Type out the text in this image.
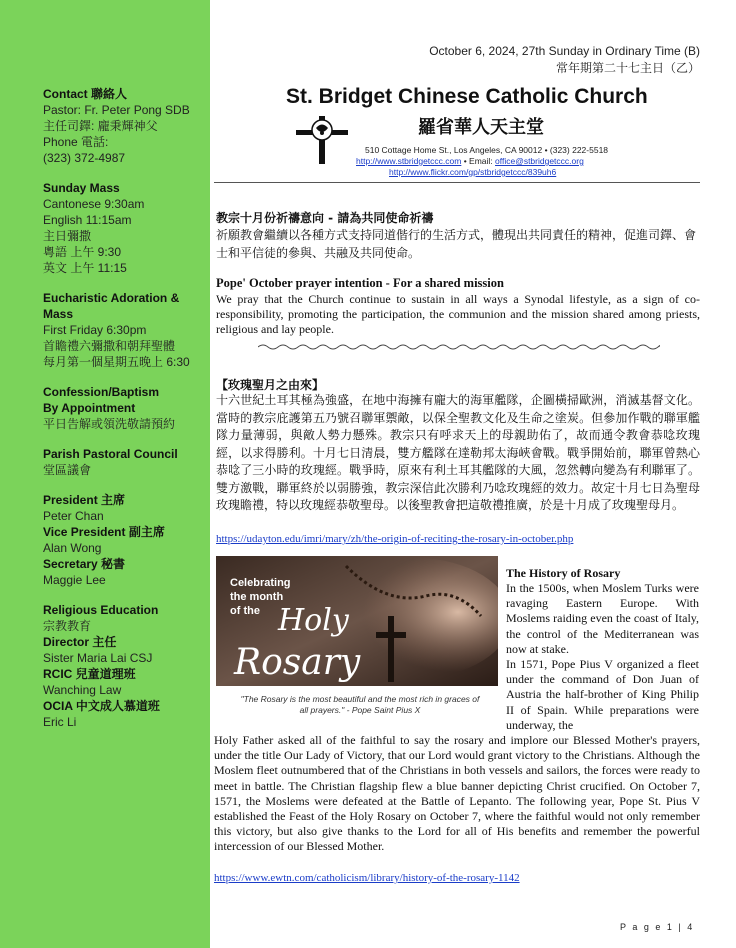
Contact 聯絡人
Pastor: Fr. Peter Pong SDB
主任司鐸: 龐秉輝神父
Phone 電話:
(323) 372-4987
Sunday Mass
Cantonese 9:30am
English 11:15am
主日彌撒
粵語 上午 9:30
英文 上午 11:15
Eucharistic Adoration &
Mass
First Friday 6:30pm
首瞻禮六彌撒和朝拜聖體
每月第一個星期五晚上 6:30
Confession/Baptism
By Appointment
平日告解或領洗敬請預約
Parish Pastoral Council
堂區議會
President 主席
Peter Chan
Vice President 副主席
Alan Wong
Secretary 秘書
Maggie Lee
Religious Education
宗教教育
Director 主任
Sister Maria Lai CSJ
RCIC 兒童道理班
Wanching Law
OCIA 中文成人慕道班
Eric Li
October 6, 2024, 27th Sunday in Ordinary Time (B)
常年期第二十七主日（乙）
St. Bridget Chinese Catholic Church
羅省華人天主堂
510 Cottage Home St., Los Angeles, CA 90012 • (323) 222-5518
http://www.stbridgetccc.com • Email: office@stbridgetccc.org
http://www.flickr.com/gp/stbridgetccc/839uh6
教宗十月份祈禱意向 - 請為共同使命祈禱
祈願教會繼續以各種方式支持同道偕行的生活方式，體現出共同責任的精神，促進司鐸、會士和平信徒的參與、共融及共同使命。
Pope' October prayer intention - For a shared mission
We pray that the Church continue to sustain in all ways a Synodal lifestyle, as a sign of co-responsibility, promoting the participation, the communion and the mission shared among priests, religious and lay people.
【玫瑰聖月之由來】
十六世紀土耳其極為強盛，在地中海擁有龐大的海軍艦隊，企圖橫掃歐洲，消滅基督文化。當時的教宗庇護第五乃號召聯軍禦敵，以保全聖教文化及生命之塗炭。但參加作戰的聯軍艦隊力量薄弱，與敵人勢力懸殊。教宗只有呼求天上的母親助佑了，故而通令教會恭唸玫瑰經，以求得勝利。十月七日清晨，雙方艦隊在達勒邦太海峽會戰。戰爭開始前，聯軍曾熱心恭唸了三小時的玫瑰經。戰爭時，原來有利土耳其艦隊的大風，忽然轉向變為有利聯軍了。雙方激戰，聯軍終於以弱勝強，教宗深信此次勝利乃唸玫瑰經的效力。故定十月七日為聖母玫瑰瞻禮，特以玫瑰經恭敬聖母。以後聖教會把這敬禮推廣，於是十月成了玫瑰聖母月。
https://udayton.edu/imri/mary/zh/the-origin-of-reciting-the-rosary-in-october.php
Celebrating
the month
of the Holy
Rosary
"The Rosary is the most beautiful and the most rich in graces of all prayers." - Pope Saint Pius X
The History of Rosary

In the 1500s, when Moslem Turks were ravaging Eastern Europe. With Moslems raiding even the coast of Italy, the control of the Mediterranean was now at stake.

In 1571, Pope Pius V organized a fleet under the command of Don Juan of Austria the half-brother of King Philip II of Spain. While preparations were underway, the

Holy Father asked all of the faithful to say the rosary and implore our Blessed Mother's prayers, under the title Our Lady of Victory, that our Lord would grant victory to the Christians. Although the Moslem fleet outnumbered that of the Christians in both vessels and sailors, the forces were ready to meet in battle. The Christian flagship flew a blue banner depicting Christ crucified. On October 7, 1571, the Moslems were defeated at the Battle of Lepanto. The following year, Pope St. Pius V established the Feast of the Holy Rosary on October 7, where the faithful would not only remember this victory, but also give thanks to the Lord for all of His benefits and remember the powerful intercession of our Blessed Mother.
https://www.ewtn.com/catholicism/library/history-of-the-rosary-1142
P a g e 1 | 4
